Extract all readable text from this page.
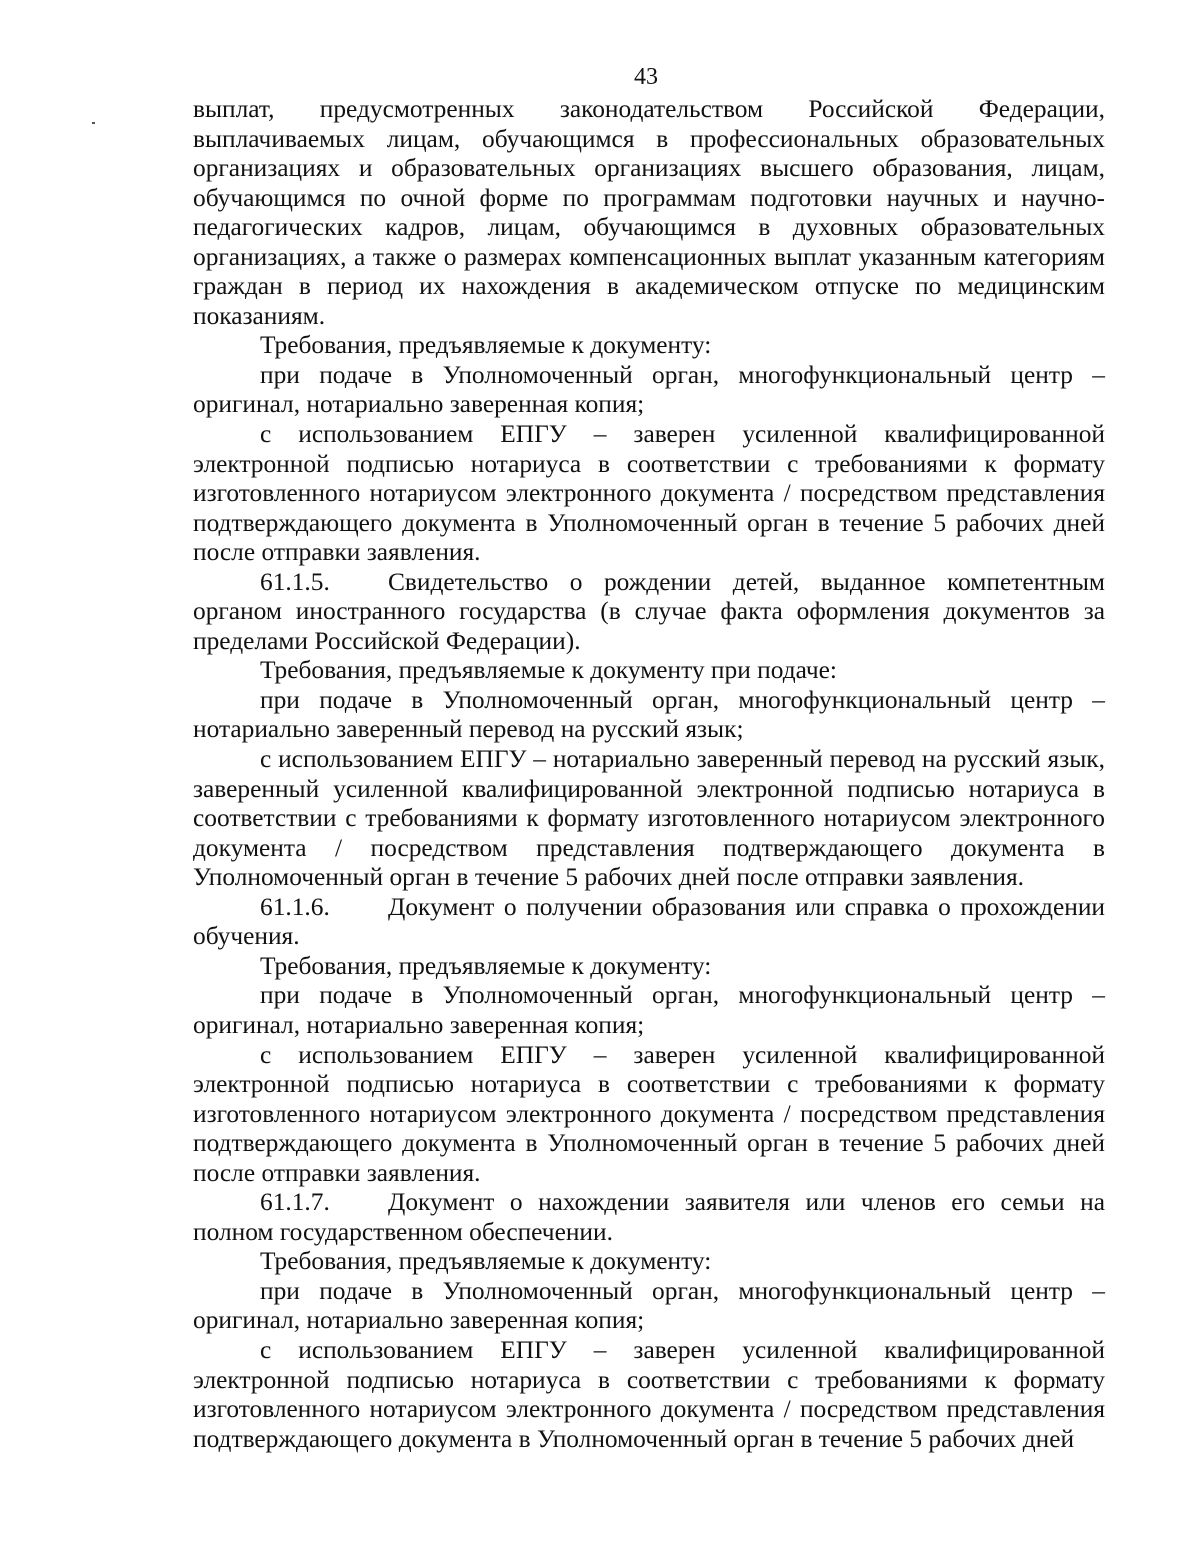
43

выплат, предусмотренных законодательством Российской Федерации, выплачиваемых лицам, обучающимся в профессиональных образовательных организациях и образовательных организациях высшего образования, лицам, обучающимся по очной форме по программам подготовки научных и научно-педагогических кадров, лицам, обучающимся в духовных образовательных организациях, а также о размерах компенсационных выплат указанным категориям граждан в период их нахождения в академическом отпуске по медицинским показаниям.

Требования, предъявляемые к документу:

при подаче в Уполномоченный орган, многофункциональный центр – оригинал, нотариально заверенная копия;

с использованием ЕПГУ – заверен усиленной квалифицированной электронной подписью нотариуса в соответствии с требованиями к формату изготовленного нотариусом электронного документа / посредством представления подтверждающего документа в Уполномоченный орган в течение 5 рабочих дней после отправки заявления.

61.1.5. Свидетельство о рождении детей, выданное компетентным органом иностранного государства (в случае факта оформления документов за пределами Российской Федерации).

Требования, предъявляемые к документу при подаче:

при подаче в Уполномоченный орган, многофункциональный центр – нотариально заверенный перевод на русский язык;

с использованием ЕПГУ – нотариально заверенный перевод на русский язык, заверенный усиленной квалифицированной электронной подписью нотариуса в соответствии с требованиями к формату изготовленного нотариусом электронного документа / посредством представления подтверждающего документа в Уполномоченный орган в течение 5 рабочих дней после отправки заявления.

61.1.6. Документ о получении образования или справка о прохождении обучения.

Требования, предъявляемые к документу:

при подаче в Уполномоченный орган, многофункциональный центр – оригинал, нотариально заверенная копия;

с использованием ЕПГУ – заверен усиленной квалифицированной электронной подписью нотариуса в соответствии с требованиями к формату изготовленного нотариусом электронного документа / посредством представления подтверждающего документа в Уполномоченный орган в течение 5 рабочих дней после отправки заявления.

61.1.7. Документ о нахождении заявителя или членов его семьи на полном государственном обеспечении.

Требования, предъявляемые к документу:

при подаче в Уполномоченный орган, многофункциональный центр – оригинал, нотариально заверенная копия;

с использованием ЕПГУ – заверен усиленной квалифицированной электронной подписью нотариуса в соответствии с требованиями к формату изготовленного нотариусом электронного документа / посредством представления подтверждающего документа в Уполномоченный орган в течение 5 рабочих дней
